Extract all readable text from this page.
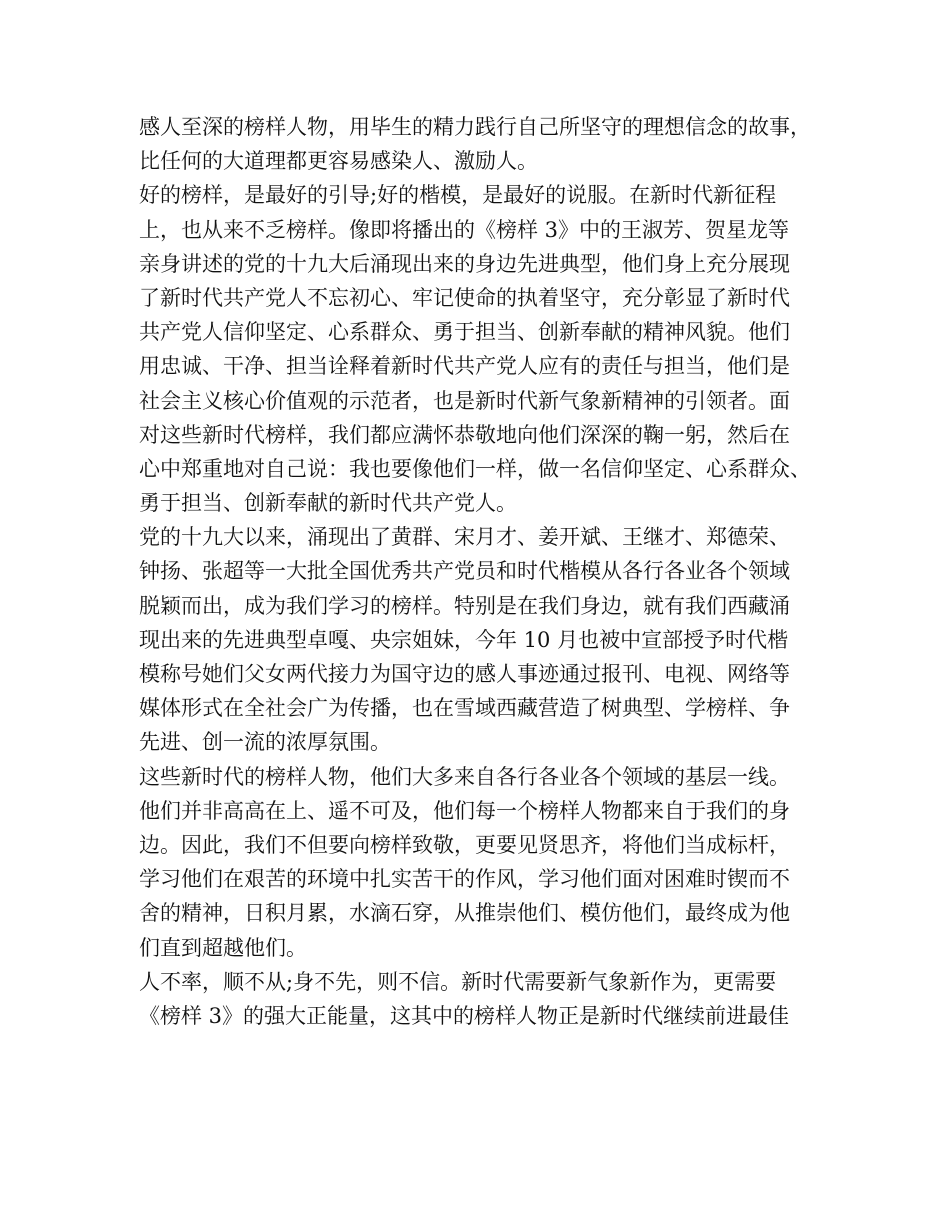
感人至深的榜样人物，用毕生的精力践行自己所坚守的理想信念的故事，
比任何的大道理都更容易感染人、激励人。
好的榜样，是最好的引导;好的楷模，是最好的说服。在新时代新征程
上，也从来不乏榜样。像即将播出的《榜样 3》中的王淑芳、贺星龙等
亲身讲述的党的十九大后涌现出来的身边先进典型，他们身上充分展现
了新时代共产党人不忘初心、牢记使命的执着坚守，充分彰显了新时代
共产党人信仰坚定、心系群众、勇于担当、创新奉献的精神风貌。他们
用忠诚、干净、担当诠释着新时代共产党人应有的责任与担当，他们是
社会主义核心价值观的示范者，也是新时代新气象新精神的引领者。面
对这些新时代榜样，我们都应满怀恭敬地向他们深深的鞠一躬，然后在
心中郑重地对自己说：我也要像他们一样，做一名信仰坚定、心系群众、
勇于担当、创新奉献的新时代共产党人。
党的十九大以来，涌现出了黄群、宋月才、姜开斌、王继才、郑德荣、
钟扬、张超等一大批全国优秀共产党员和时代楷模从各行各业各个领域
脱颖而出，成为我们学习的榜样。特别是在我们身边，就有我们西藏涌
现出来的先进典型卓嘎、央宗姐妹，今年 10 月也被中宣部授予时代楷
模称号她们父女两代接力为国守边的感人事迹通过报刊、电视、网络等
媒体形式在全社会广为传播，也在雪域西藏营造了树典型、学榜样、争
先进、创一流的浓厚氛围。
这些新时代的榜样人物，他们大多来自各行各业各个领域的基层一线。
他们并非高高在上、遥不可及，他们每一个榜样人物都来自于我们的身
边。因此，我们不但要向榜样致敬，更要见贤思齐，将他们当成标杆，
学习他们在艰苦的环境中扎实苦干的作风，学习他们面对困难时锲而不
舍的精神，日积月累，水滴石穿，从推崇他们、模仿他们，最终成为他
们直到超越他们。
人不率，顺不从;身不先，则不信。新时代需要新气象新作为，更需要
《榜样 3》的强大正能量，这其中的榜样人物正是新时代继续前进最佳
